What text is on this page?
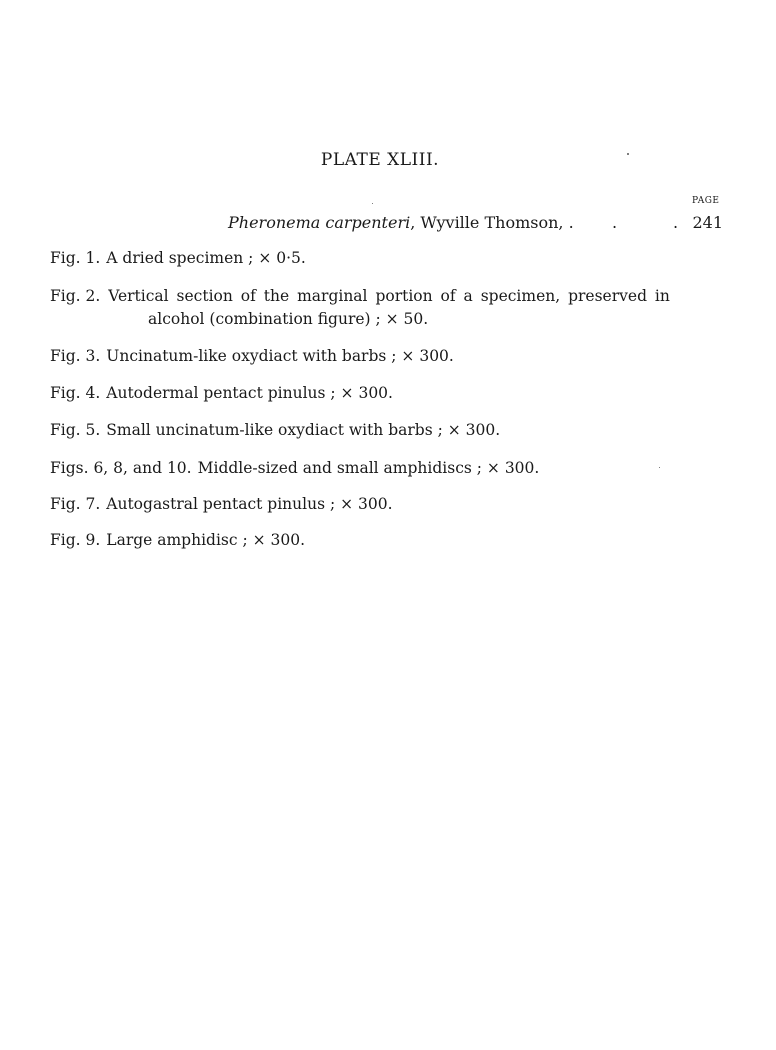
PLATE XLIII.
PAGE
Pheronema carpenteri, Wyville Thomson, . .	. 241
Fig. 1. A dried specimen ; × 0·5.
Fig. 2. Vertical section of the marginal portion of a specimen, preserved in
alcohol (combination figure) ; × 50.
Fig. 3. Uncinatum-like oxydiact with barbs ; × 300.
Fig. 4. Autodermal pentact pinulus ; × 300.
Fig. 5. Small uncinatum-like oxydiact with barbs ; × 300.
Figs. 6, 8, and 10. Middle-sized and small amphidiscs ; × 300.
Fig. 7. Autogastral pentact pinulus ; × 300.
Fig. 9. Large amphidisc ; × 300.
